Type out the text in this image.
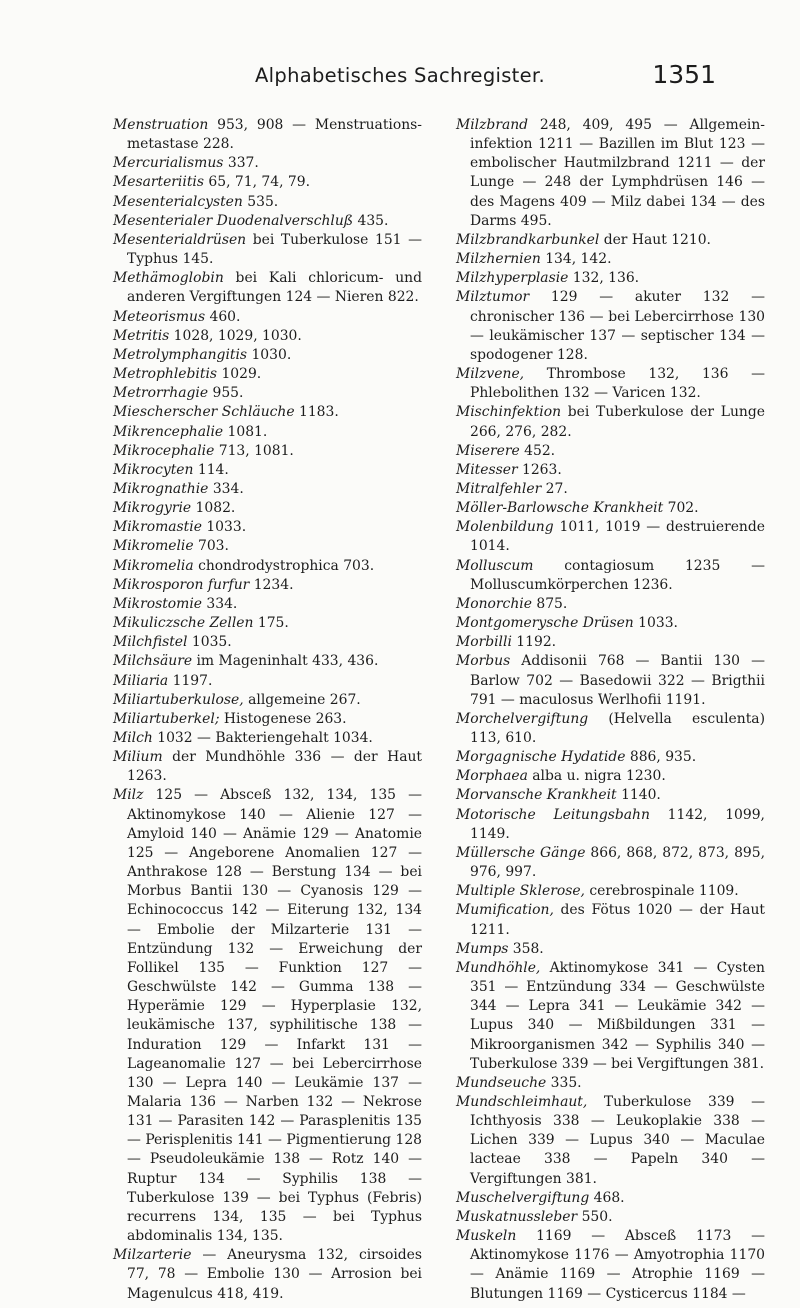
Alphabetisches Sachregister.	1351

Menstruation 953, 908 — Menstruations-metastase 228.

Mercurialismus 337.

Mesarteriitis 65, 71, 74, 79.

Mesenterialcysten 535.

Mesenterialer Duodenalverschluß 435.

Mesenterialdrüsen bei Tuberkulose 151 — Typhus 145.

Methämoglobin bei Kali chloricum- und anderen Vergiftungen 124 — Nieren 822.

Meteorismus 460.

Metritis 1028, 1029, 1030.

Metrolymphangitis 1030.

Metrophlebitis 1029.

Metrorrhagie 955.

Miescherscher Schläuche 1183.

Mikrencephalie 1081.

Mikrocephalie 713, 1081.

Mikrocyten 114.

Mikrognathie 334.

Mikrogyrie 1082.

Mikromastie 1033.

Mikromelie 703.

Mikromelia chondrodystrophica 703.

Mikrosporon furfur 1234.

Mikrostomie 334.

Mikuliczsche Zellen 175.

Milchfistel 1035.

Milchsäure im Mageninhalt 433, 436.

Miliaria 1197.

Miliartuberkulose, allgemeine 267.

Miliartuberkel; Histogenese 263.

Milch 1032 — Bakteriengehalt 1034.

Milium der Mundhöhle 336 — der Haut 1263.

Milz 125 — Absceß 132, 134, 135 — Aktinomykose 140 — Alienie 127 — Amyloid 140 — Anämie 129 — Anatomie 125 — Angeborene Anomalien 127 — Anthrakose 128 — Berstung 134 — bei Morbus Bantii 130 — Cyanosis 129 — Echinococcus 142 — Eiterung 132, 134 — Embolie der Milzarterie 131 — Entzündung 132 — Erweichung der Follikel 135 — Funktion 127 — Geschwülste 142 — Gumma 138 — Hyperämie 129 — Hyperplasie 132, leukämische 137, syphilitische 138 — Induration 129 — Infarkt 131 — Lageanomalie 127 — bei Lebercirrhose 130 — Lepra 140 — Leukämie 137 — Malaria 136 — Narben 132 — Nekrose 131 — Parasiten 142 — Parasplenitis 135 — Perisplenitis 141 — Pigmentierung 128 — Pseudoleukämie 138 — Rotz 140 — Ruptur 134 — Syphilis 138 — Tuberkulose 139 — bei Typhus (Febris) recurrens 134, 135 — bei Typhus abdominalis 134, 135.

Milzarterie — Aneurysma 132, cirsoides 77, 78 — Embolie 130 — Arrosion bei Magenulcus 418, 419.

Milzbrand 248, 409, 495 — Allgemein-infektion 1211 — Bazillen im Blut 123 — embolischer Hautmilzbrand 1211 — der Lunge — 248 der Lymphdrüsen 146 — des Magens 409 — Milz dabei 134 — des Darms 495.

Milzbrandkarbunkel der Haut 1210.

Milzhernien 134, 142.

Milzhyperplasie 132, 136.

Milztumor 129 — akuter 132 — chronischer 136 — bei Lebercirrhose 130 — leukämischer 137 — septischer 134 — spodogener 128.

Milzvene, Thrombose 132, 136 — Phlebolithen 132 — Varicen 132.

Mischinfektion bei Tuberkulose der Lunge 266, 276, 282.

Miserere 452.

Mitesser 1263.

Mitralfehler 27.

Möller-Barlowsche Krankheit 702.

Molenbildung 1011, 1019 — destruierende 1014.

Molluscum contagiosum 1235 — Molluscumkörperchen 1236.

Monorchie 875.

Montgomerysche Drüsen 1033.

Morbilli 1192.

Morbus Addisonii 768 — Bantii 130 — Barlow 702 — Basedowii 322 — Brigthii 791 — maculosus Werlhofii 1191.

Morchelvergiftung (Helvella esculenta) 113, 610.

Morgagnische Hydatide 886, 935.

Morphaea alba u. nigra 1230.

Morvansche Krankheit 1140.

Motorische Leitungsbahn 1142, 1099, 1149.

Müllersche Gänge 866, 868, 872, 873, 895, 976, 997.

Multiple Sklerose, cerebrospinale 1109.

Mumification, des Fötus 1020 — der Haut 1211.

Mumps 358.

Mundhöhle, Aktinomykose 341 — Cysten 351 — Entzündung 334 — Geschwülste 344 — Lepra 341 — Leukämie 342 — Lupus 340 — Mißbildungen 331 — Mikroorganismen 342 — Syphilis 340 — Tuberkulose 339 — bei Vergiftungen 381.

Mundseuche 335.

Mundschleimhaut, Tuberkulose 339 — Ichthyosis 338 — Leukoplakie 338 — Lichen 339 — Lupus 340 — Maculae lacteae 338 — Papeln 340 — Vergiftungen 381.

Muschelvergiftung 468.

Muskatnussleber 550.

Muskeln 1169 — Absceß 1173 — Aktinomykose 1176 — Amyotrophia 1170 — Anämie 1169 — Atrophie 1169 — Blutungen 1169 — Cysticercus 1184 —
